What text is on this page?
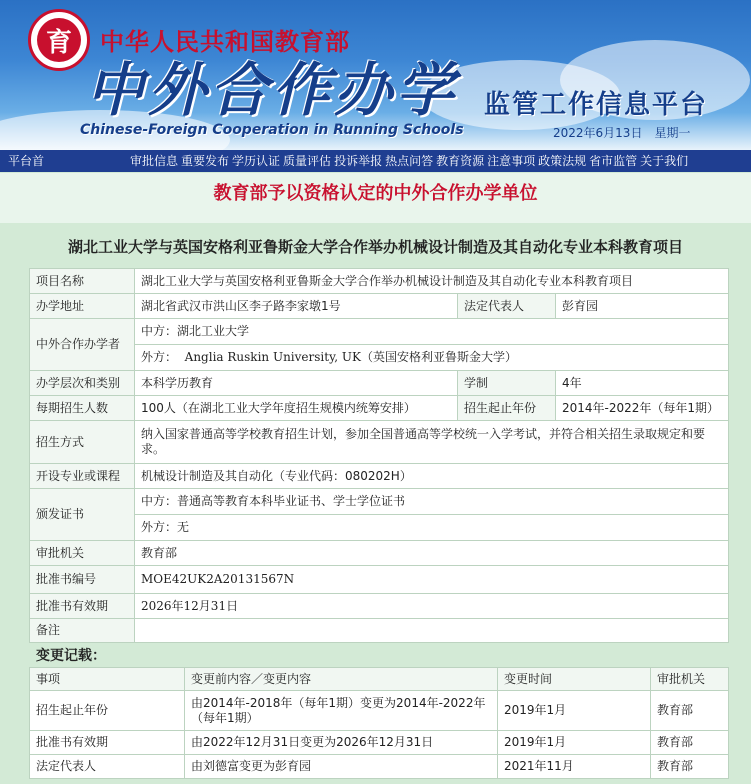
育	中华人民共和国教育部
中外合作办学
Chinese-Foreign Cooperation in Running Schools
监管工作信息平台
2022年6月13日　星期一
平台首	审批信息 重要发布 学历认证 质量评估 投诉举报 热点问答 教育资源 注意事项 政策法规 省市监管 关于我们
教育部予以资格认定的中外合作办学单位
湖北工业大学与英国安格利亚鲁斯金大学合作举办机械设计制造及其自动化专业本科教育项目
项目名称	湖北工业大学与英国安格利亚鲁斯金大学合作举办机械设计制造及其自动化专业本科教育项目		
办学地址	湖北省武汉市洪山区李子路李家墩1号	法定代表人	彭育园
中外合作办学者	中方：湖北工业大学
外方： Anglia Ruskin University, UK（英国安格利亚鲁斯金大学）		

办学层次和类别	本科学历教育	学制	4年
每期招生人数	100人（在湖北工业大学年度招生规模内统筹安排）	招生起止年份	2014年-2022年（每年1期）
招生方式	纳入国家普通高等学校教育招生计划，参加全国普通高等学校统一入学考试，并符合相关招生录取规定和要求。		
开设专业或课程	机械设计制造及其自动化（专业代码：080202H）		
颁发证书	中方：普通高等教育本科毕业证书、学士学位证书
外方：无		

审批机关	教育部		
批准书编号	MOE42UK2A20131567N		
批准书有效期	2026年12月31日		
备注			
变更记载：
事项	变更前内容／变更内容	变更时间	审批机关
招生起止年份	由2014年-2018年（每年1期）变更为2014年-2022年（每年1期）	2019年1月	教育部
批准书有效期	由2022年12月31日变更为2026年12月31日	2019年1月	教育部
法定代表人	由刘德富变更为彭育园	2021年11月	教育部
